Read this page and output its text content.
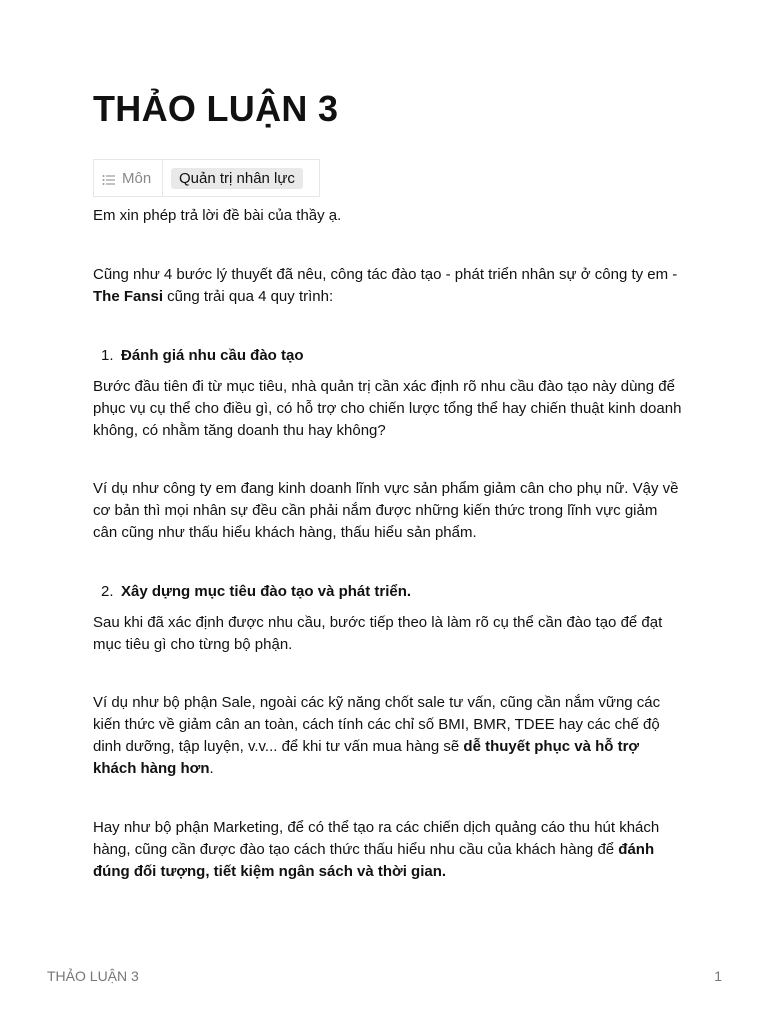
THẢO LUẬN 3
Môn	Quản trị nhân lực

Em xin phép trả lời đề bài của thầy ạ.

Cũng như 4 bước lý thuyết đã nêu, công tác đào tạo - phát triển nhân sự ở công ty em - The Fansi cũng trải qua 4 quy trình:

1. Đánh giá nhu cầu đào tạo

Bước đầu tiên đi từ mục tiêu, nhà quản trị cần xác định rõ nhu cầu đào tạo này dùng để phục vụ cụ thể cho điều gì, có hỗ trợ cho chiến lược tổng thể hay chiến thuật kinh doanh không, có nhằm tăng doanh thu hay không?

Ví dụ như công ty em đang kinh doanh lĩnh vực sản phẩm giảm cân cho phụ nữ. Vậy về cơ bản thì mọi nhân sự đều cần phải nắm được những kiến thức trong lĩnh vực giảm cân cũng như thấu hiểu khách hàng, thấu hiểu sản phẩm.

2. Xây dựng mục tiêu đào tạo và phát triển.

Sau khi đã xác định được nhu cầu, bước tiếp theo là làm rõ cụ thể cần đào tạo để đạt mục tiêu gì cho từng bộ phận.

Ví dụ như bộ phận Sale, ngoài các kỹ năng chốt sale tư vấn, cũng cần nắm vững các kiến thức về giảm cân an toàn, cách tính các chỉ số BMI, BMR, TDEE hay các chế độ dinh dưỡng, tập luyện, v.v... để khi tư vấn mua hàng sẽ dễ thuyết phục và hỗ trợ khách hàng hơn.

Hay như bộ phận Marketing, để có thể tạo ra các chiến dịch quảng cáo thu hút khách hàng, cũng cần được đào tạo cách thức thấu hiểu nhu cầu của khách hàng để đánh đúng đối tượng, tiết kiệm ngân sách và thời gian.

THẢO LUẬN 3	1
